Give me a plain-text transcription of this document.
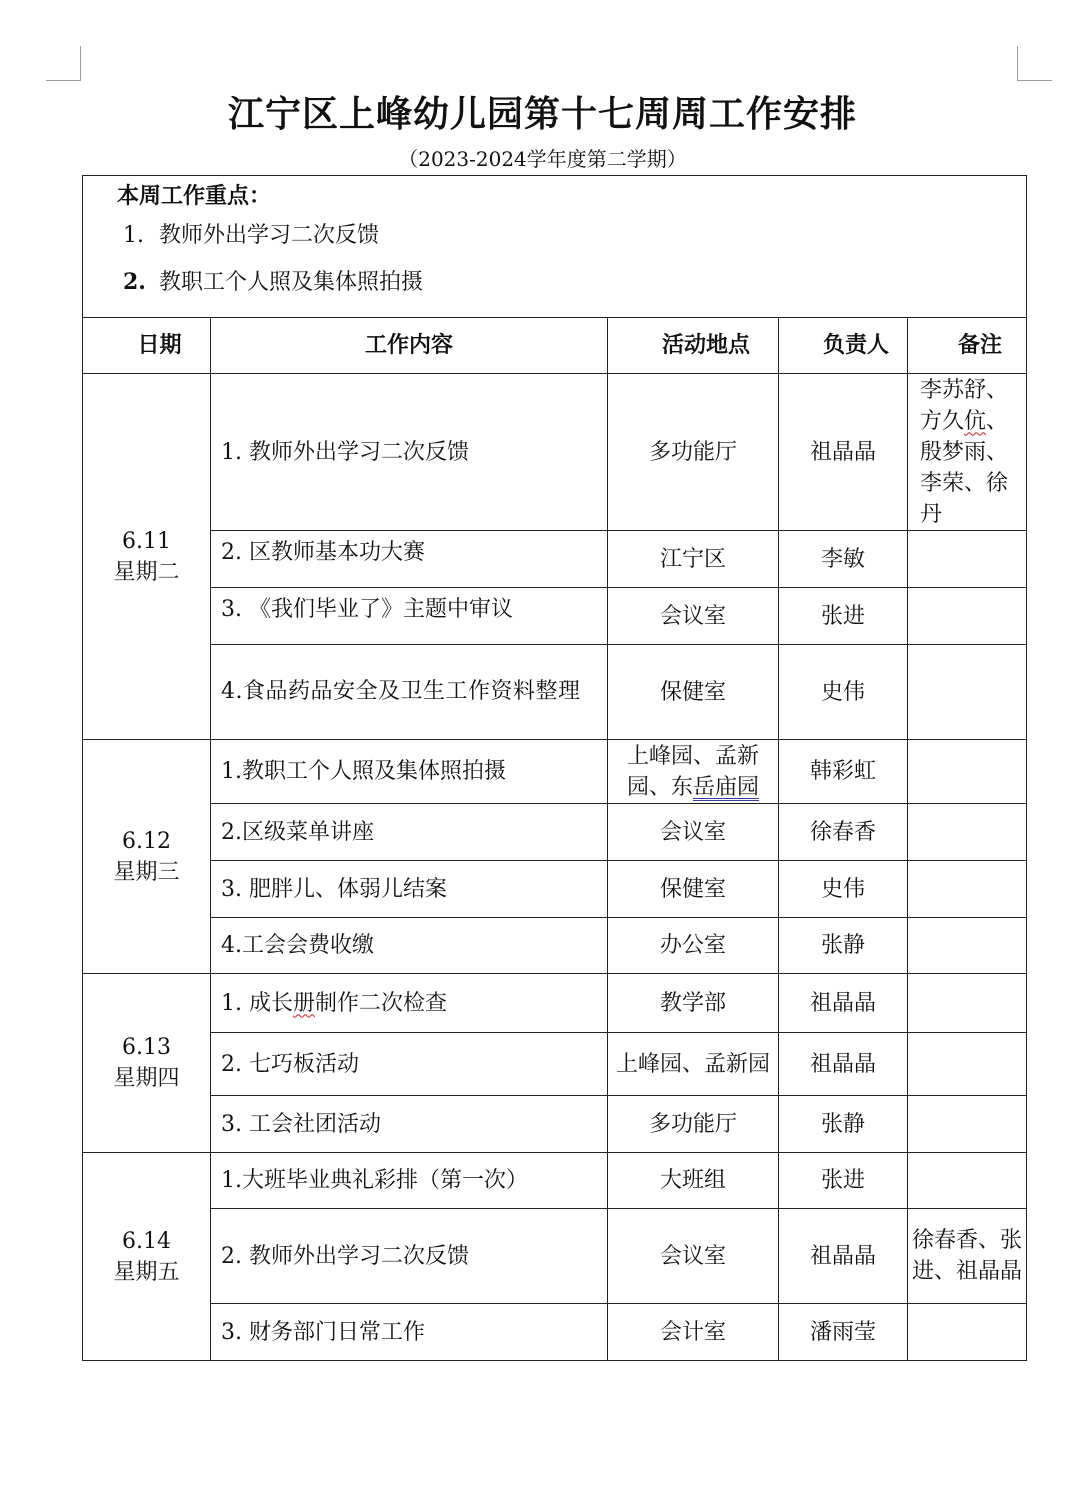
江宁区上峰幼儿园第十七周周工作安排
（2023-2024学年度第二学期）
本周工作重点：
1. 教师外出学习二次反馈
2. 教职工个人照及集体照拍摄				

日期	工作内容	活动地点	负责人	备注

6.11
星期二	1. 教师外出学习二次反馈	多功能厅	祖晶晶	李苏舒、方久伉、殷梦雨、李荣、徐丹
	2. 区教师基本功大赛	江宁区	李敏	
	3. 《我们毕业了》主题中审议	会议室	张进	
	4.食品药品安全及卫生工作资料整理	保健室	史伟	

6.12
星期三	1.教职工个人照及集体照拍摄	上峰园、孟新园、东岳庙园	韩彩虹	
	2.区级菜单讲座	会议室	徐春香	
	3. 肥胖儿、体弱儿结案	保健室	史伟	
	4.工会会费收缴	办公室	张静	

6.13
星期四	1. 成长册制作二次检查	教学部	祖晶晶	
	2. 七巧板活动	上峰园、孟新园	祖晶晶	
	3. 工会社团活动	多功能厅	张静	

6.14
星期五	1.大班毕业典礼彩排（第一次）	大班组	张进	
	2. 教师外出学习二次反馈	会议室	祖晶晶	徐春香、张进、祖晶晶
	3. 财务部门日常工作	会计室	潘雨莹	
